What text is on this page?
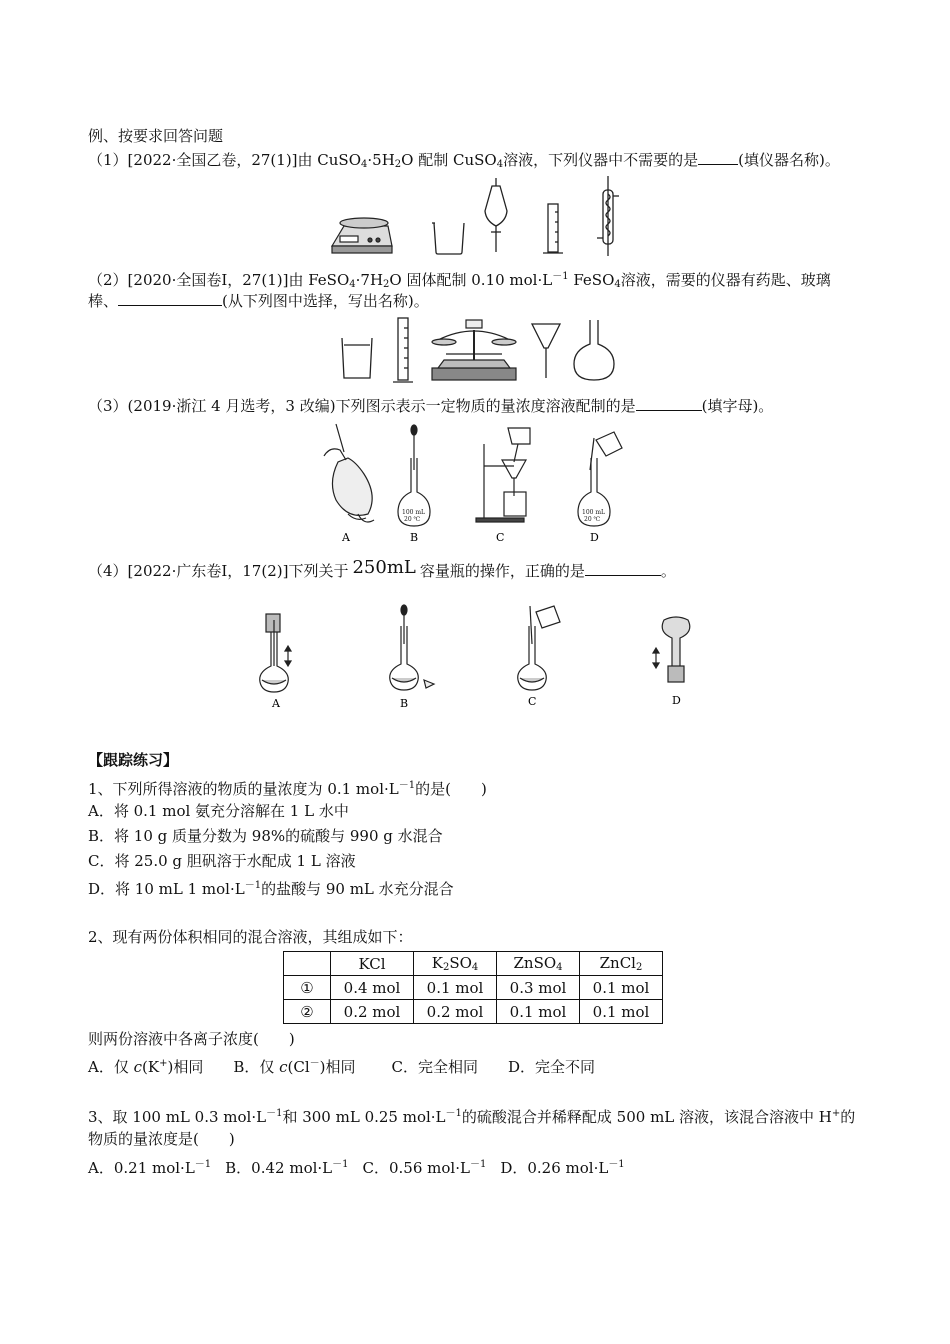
例、按要求回答问题
（1）[2022·全国乙卷，27(1)]由 $CuSO_4\cdot 5H_2O$ 配制 CuSO$_4$溶液，下列仪器中不需要的是	(填仪器名称)。
（2）[2020·全国卷Ⅰ，27(1)]由 $FeSO_4\cdot 7H_2O$ 固体配制 0.10 $mol\cdot L^{-1}$ FeSO$_4$溶液，需要的仪器有药匙、玻璃
棒、	(从下列图中选择，写出名称)。
（3）(2019·浙江 4 月选考，3 改编)下列图示表示一定物质的量浓度溶液配制的是	(填字母)。
A
100 mL
20 ℃
B	C
100 mL
20 ℃
D
（4）[2022·广东卷Ⅰ，17(2)]下列关于 250mL 容量瓶的操作，正确的是	。
A	B	C	D
【跟踪练习】
1、下列所得溶液的物质的量浓度为 0.1 $mol\cdot L^{-1}$的是(　　)
A．将 0.1 mol 氨充分溶解在 1 L 水中
B．将 10 g 质量分数为 98%的硫酸与 990 g 水混合
C．将 25.0 g 胆矾溶于水配成 1 L 溶液
D．将 10 mL 1 $mol\cdot L^{-1}$的盐酸与 90 mL 水充分混合
2、现有两份体积相同的混合溶液，其组成如下：
	KCl	$K_2SO_4$	ZnSO$_4$	ZnCl$_2$
①	0.4 mol	0.1 mol	0.3 mol	0.1 mol
②	0.2 mol	0.2 mol	0.1 mol	0.1 mol
则两份溶液中各离子浓度(　　)
A．仅 c(K+)相同 B．仅 c(Cl－)相同 C．完全相同 D．完全不同
3、取 100 mL 0.3 $mol\cdot L^{-1}$和 300 mL 0.25 $mol\cdot L^{-1}$的硫酸混合并稀释配成 500 mL 溶液，该混合溶液中 H+的
物质的量浓度是(　　)
A．0.21 $mol\cdot L^{-1}$ B．0.42 $mol\cdot L^{-1}$ C．0.56 $mol\cdot L^{-1}$ D．0.26 $mol\cdot L^{-1}$
